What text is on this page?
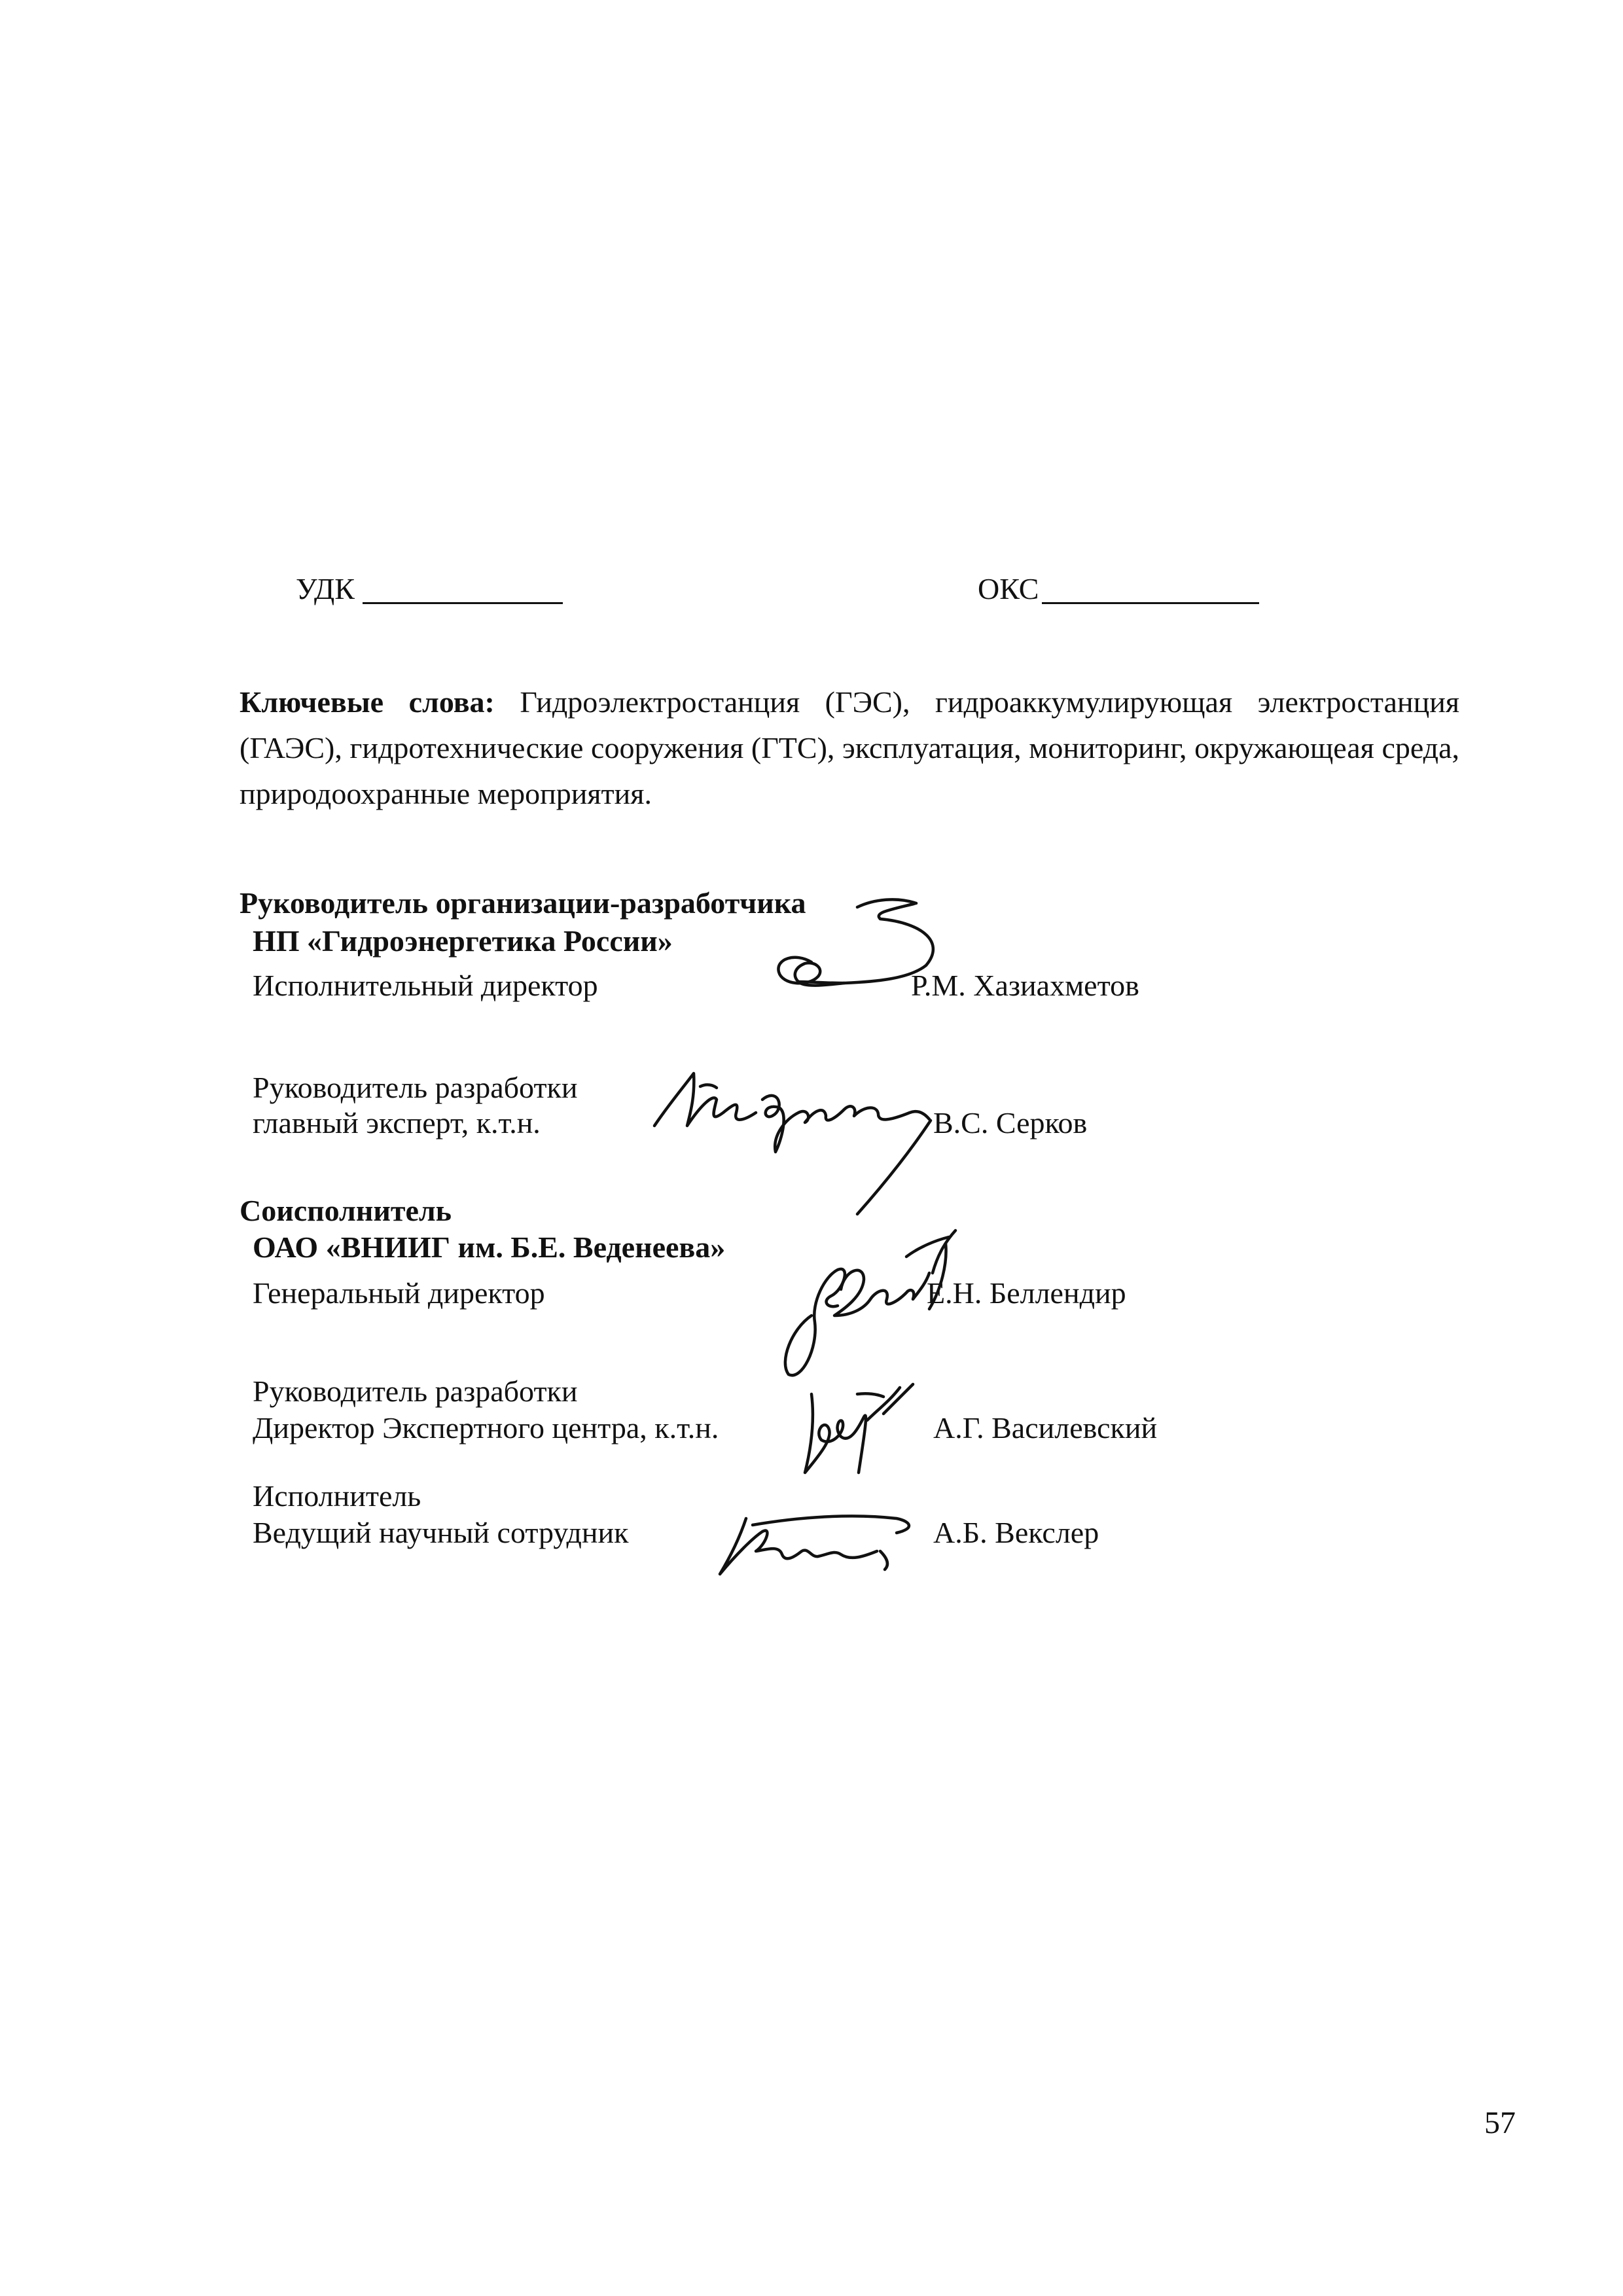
УДК	ОКС
Ключевые слова: Гидроэлектростанция (ГЭС), гидроаккумулирующая электростанция (ГАЭС), гидротехнические сооружения (ГТС), эксплуатация, мониторинг, окружающеая среда, природоохранные мероприятия.
Руководитель организации-разработчика
НП «Гидроэнергетика России»
Исполнительный директор	Р.М. Хазиахметов
Руководитель разработки
главный эксперт, к.т.н.	В.С. Серков
Соисполнитель
ОАО «ВНИИГ им. Б.Е. Веденеева»
Генеральный директор	Е.Н. Беллендир
Руководитель разработки
Директор Экспертного центра, к.т.н.	А.Г. Василевский
Исполнитель
Ведущий научный сотрудник	А.Б. Векслер
57
